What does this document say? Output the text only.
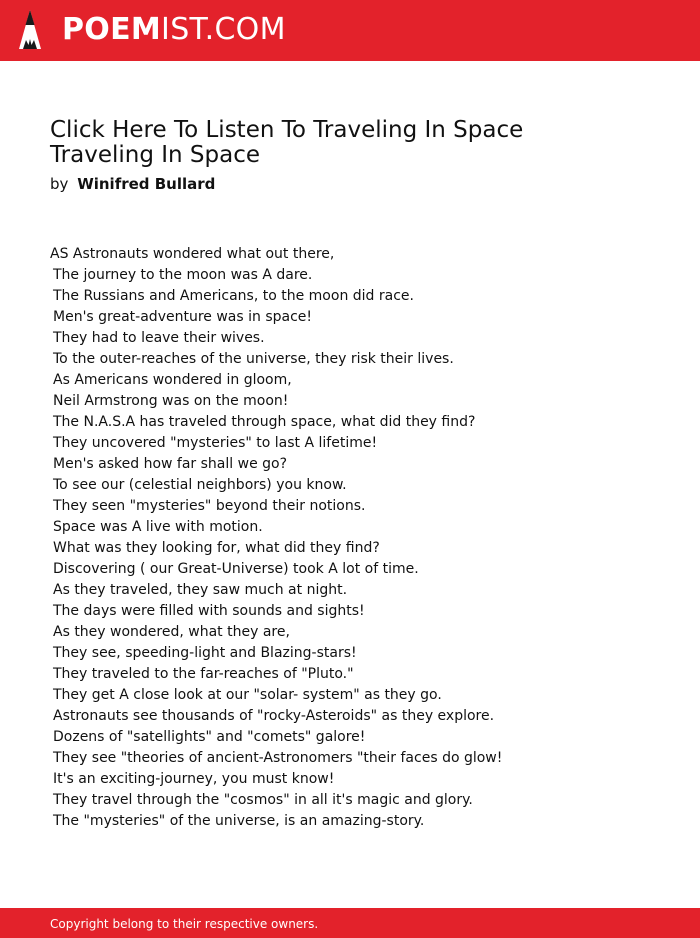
POEMIST.COM
Click Here To Listen To Traveling In Space
Traveling In Space
by Winifred Bullard
AS Astronauts wondered what out there,
The journey to the moon was A dare.
The Russians and Americans, to the moon did race.
Men's great-adventure was in space!
They had to leave their wives.
To the outer-reaches of the universe, they risk their lives.
As Americans wondered in gloom,
Neil Armstrong was on the moon!
The N.A.S.A has traveled through space, what did they find?
They uncovered "mysteries" to last A lifetime!
Men's asked how far shall we go?
To see our (celestial neighbors) you know.
They seen "mysteries" beyond their notions.
Space was A live with motion.
What was they looking for, what did they find?
Discovering ( our Great-Universe) took A lot of time.
As they traveled, they saw much at night.
The days were filled with sounds and sights!
As they wondered, what they are,
They see, speeding-light and Blazing-stars!
They traveled to the far-reaches of "Pluto."
They get A close look at our "solar- system" as they go.
Astronauts see thousands of "rocky-Asteroids" as they explore.
Dozens of "satellights" and "comets" galore!
They see "theories of ancient-Astronomers "their faces do glow!
It's an exciting-journey, you must know!
They travel through the "cosmos" in all it's magic and glory.
The "mysteries" of the universe, is an amazing-story.
Copyright belong to their respective owners.
